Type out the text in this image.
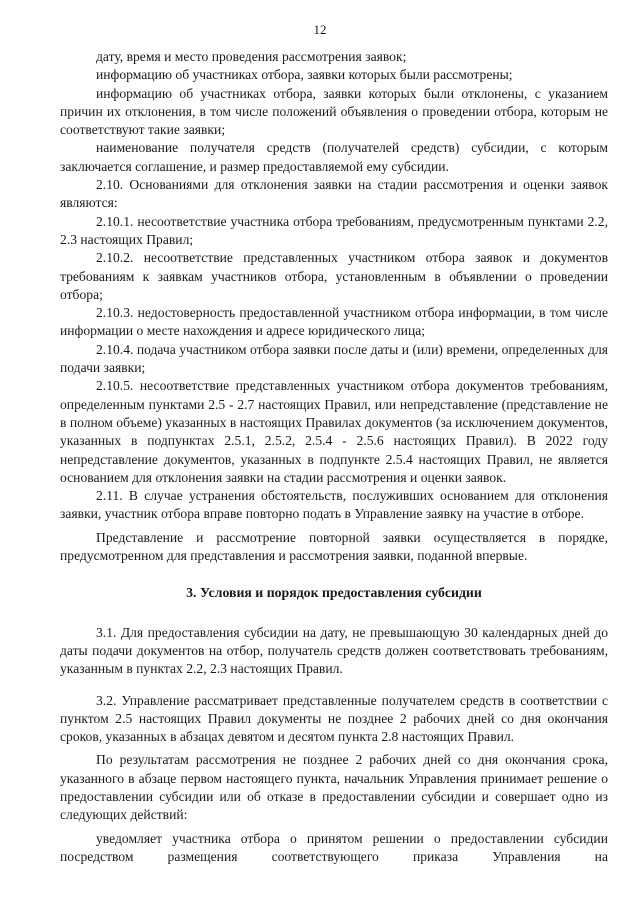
12

дату, время и место проведения рассмотрения заявок;

информацию об участниках отбора, заявки которых были рассмотрены;

информацию об участниках отбора, заявки которых были отклонены, с указанием причин их отклонения, в том числе положений объявления о проведении отбора, которым не соответствуют такие заявки;

наименование получателя средств (получателей средств) субсидии, с которым заключается соглашение, и размер предоставляемой ему субсидии.

2.10. Основаниями для отклонения заявки на стадии рассмотрения и оценки заявок являются:

2.10.1. несоответствие участника отбора требованиям, предусмотренным пунктами 2.2, 2.3 настоящих Правил;

2.10.2. несоответствие представленных участником отбора заявок и документов требованиям к заявкам участников отбора, установленным в объявлении о проведении отбора;

2.10.3. недостоверность предоставленной участником отбора информации, в том числе информации о месте нахождения и адресе юридического лица;

2.10.4. подача участником отбора заявки после даты и (или) времени, определенных для подачи заявки;

2.10.5. несоответствие представленных участником отбора документов требованиям, определенным пунктами 2.5 - 2.7 настоящих Правил, или непредставление (представление не в полном объеме) указанных в настоящих Правилах документов (за исключением документов, указанных в подпунктах 2.5.1, 2.5.2, 2.5.4 - 2.5.6 настоящих Правил). В 2022 году непредставление документов, указанных в подпункте 2.5.4 настоящих Правил, не является основанием для отклонения заявки на стадии рассмотрения и оценки заявок.

2.11. В случае устранения обстоятельств, послуживших основанием для отклонения заявки, участник отбора вправе повторно подать в Управление заявку на участие в отборе.

Представление и рассмотрение повторной заявки осуществляется в порядке, предусмотренном для представления и рассмотрения заявки, поданной впервые.

3. Условия и порядок предоставления субсидии

3.1. Для предоставления субсидии на дату, не превышающую 30 календарных дней до даты подачи документов на отбор, получатель средств должен соответствовать требованиям, указанным в пунктах 2.2, 2.3 настоящих Правил.

3.2. Управление рассматривает представленные получателем средств в соответствии с пунктом 2.5 настоящих Правил документы не позднее 2 рабочих дней со дня окончания сроков, указанных в абзацах девятом и десятом пункта 2.8 настоящих Правил.

По результатам рассмотрения не позднее 2 рабочих дней со дня окончания срока, указанного в абзаце первом настоящего пункта, начальник Управления принимает решение о предоставлении субсидии или об отказе в предоставлении субсидии и совершает одно из следующих действий:

уведомляет участника отбора о принятом решении о предоставлении субсидии посредством размещения соответствующего приказа Управления на
